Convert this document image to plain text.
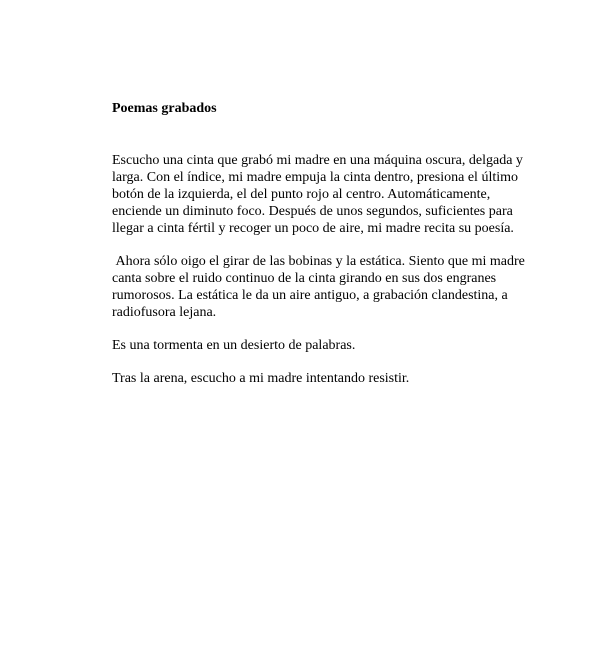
Poemas grabados

Escucho una cinta que grabó mi madre en una máquina oscura, delgada y larga. Con el índice, mi madre empuja la cinta dentro, presiona el último botón de la izquierda, el del punto rojo al centro. Automáticamente, enciende un diminuto foco. Después de unos segundos, suficientes para llegar a cinta fértil y recoger un poco de aire, mi madre recita su poesía.

Ahora sólo oigo el girar de las bobinas y la estática. Siento que mi madre canta sobre el ruido continuo de la cinta girando en sus dos engranes rumorosos. La estática le da un aire antiguo, a grabación clandestina, a radiofusora lejana.

Es una tormenta en un desierto de palabras.

Tras la arena, escucho a mi madre intentando resistir.
